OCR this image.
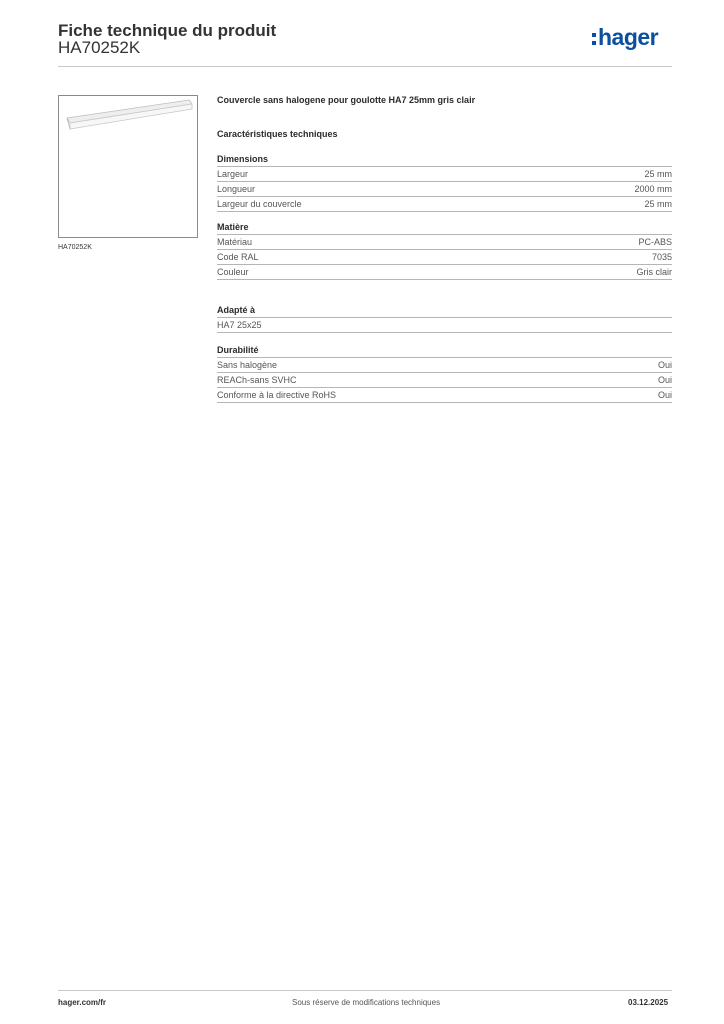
Fiche technique du produit
HA70252K	hager
HA70252K
Couvercle sans halogene pour goulotte HA7 25mm gris clair
Caractéristiques techniques
Dimensions
Largeur	25 mm
Longueur	2000 mm
Largeur du couvercle	25 mm
Matière
Matériau	PC-ABS
Code RAL	7035
Couleur	Gris clair
Adapté à
HA7 25x25
Durabilité
Sans halogène	Oui
REACh-sans SVHC	Oui
Conforme à la directive RoHS	Oui
hager.com/fr	Sous réserve de modifications techniques	03.12.2025
